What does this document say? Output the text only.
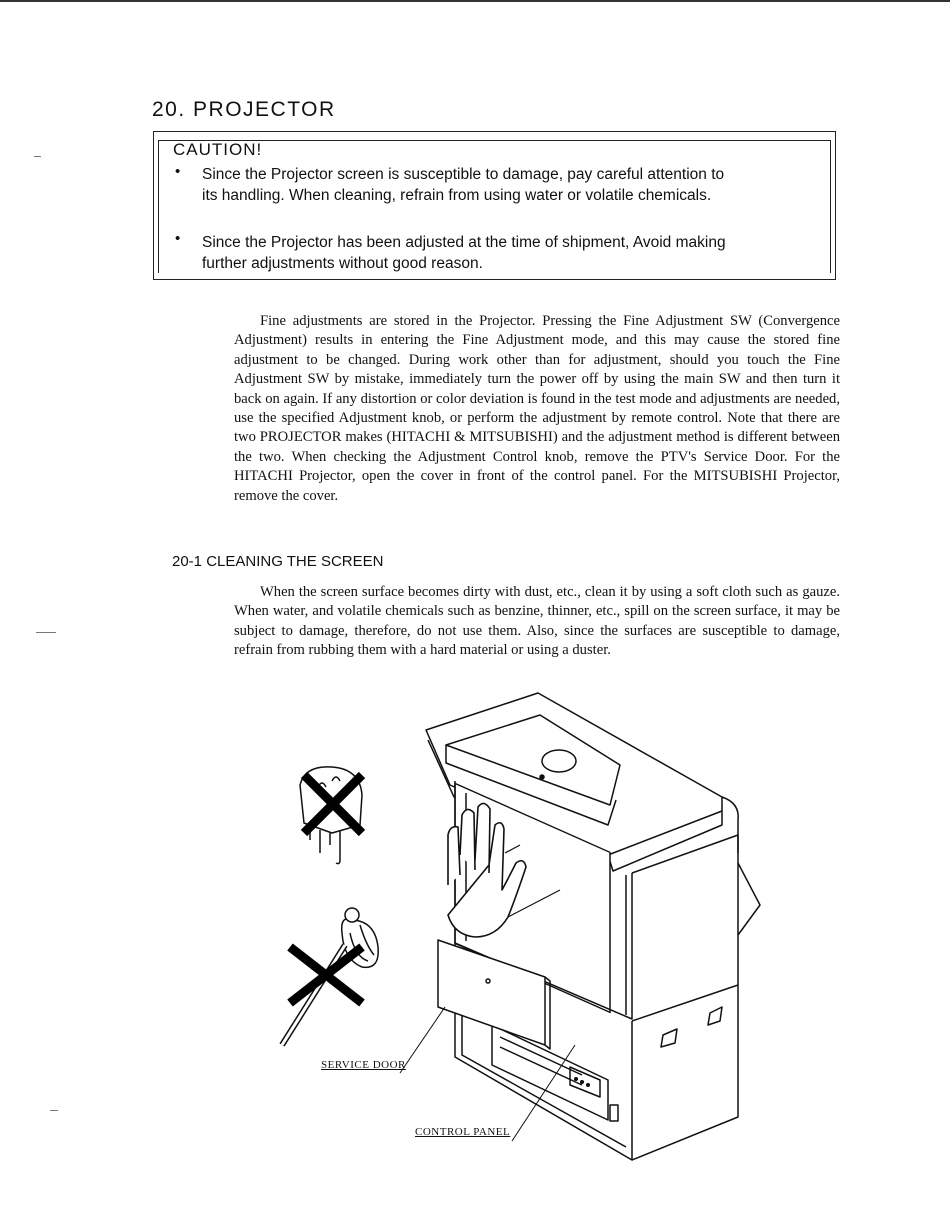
20. PROJECTOR
CAUTION!
• Since the Projector screen is susceptible to damage, pay careful attention to its handling. When cleaning, refrain from using water or volatile chemicals.
• Since the Projector has been adjusted at the time of shipment, Avoid making further adjustments without good reason.

Fine adjustments are stored in the Projector. Pressing the Fine Adjustment SW (Convergence Adjustment) results in entering the Fine Adjustment mode, and this may cause the stored fine adjustment to be changed. During work other than for adjustment, should you touch the Fine Adjustment SW by mistake, immediately turn the power off by using the main SW and then turn it back on again. If any distortion or color deviation is found in the test mode and adjustments are needed, use the specified Adjustment knob, or perform the adjustment by remote control. Note that there are two PROJECTOR makes (HITACHI & MITSUBISHI) and the adjustment method is different between the two. When checking the Adjustment Control knob, remove the PTV's Service Door. For the HITACHI Projector, open the cover in front of the control panel. For the MITSUBISHI Projector, remove the cover.

20-1 CLEANING THE SCREEN

When the screen surface becomes dirty with dust, etc., clean it by using a soft cloth such as gauze. When water, and volatile chemicals such as benzine, thinner, etc., spill on the screen surface, it may be subject to damage, therefore, do not use them. Also, since the surfaces are susceptible to damage, refrain from rubbing them with a hard material or using a duster.

SERVICE DOOR
CONTROL PANEL
